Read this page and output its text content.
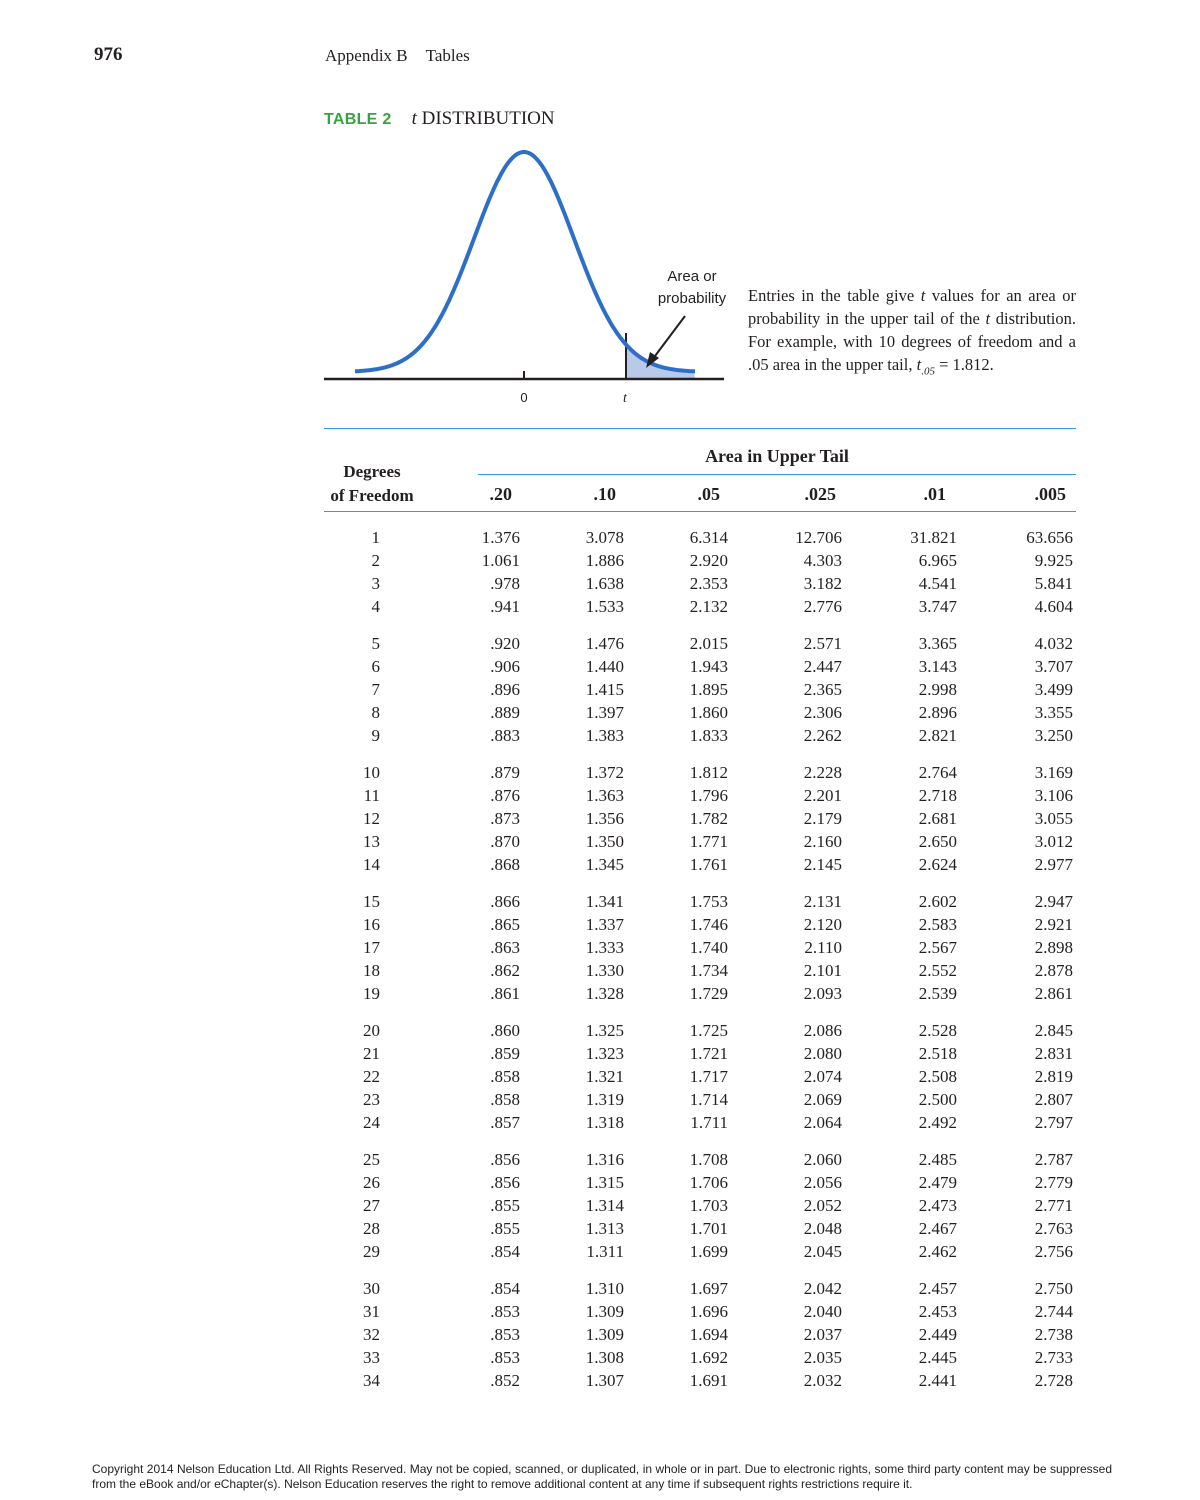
976	Appendix B Tables
TABLE 2 t DISTRIBUTION
0	t
Area or
probability Entries in the table give t values for an area or probability in the upper tail of the t distribution. For example, with 10 degrees of freedom and a .05 area in the upper tail, $t_{.05} = 1.812$.
Area in Upper Tail
Degrees
of Freedom	.20	.10	.05	.025	.01	.005
1	1.376	3.078	6.314	12.706	31.821	63.656
2	1.061	1.886	2.920	4.303	6.965	9.925
3	.978	1.638	2.353	3.182	4.541	5.841
4	.941	1.533	2.132	2.776	3.747	4.604
5	.920	1.476	2.015	2.571	3.365	4.032
6	.906	1.440	1.943	2.447	3.143	3.707
7	.896	1.415	1.895	2.365	2.998	3.499
8	.889	1.397	1.860	2.306	2.896	3.355
9	.883	1.383	1.833	2.262	2.821	3.250
10	.879	1.372	1.812	2.228	2.764	3.169
11	.876	1.363	1.796	2.201	2.718	3.106
12	.873	1.356	1.782	2.179	2.681	3.055
13	.870	1.350	1.771	2.160	2.650	3.012
14	.868	1.345	1.761	2.145	2.624	2.977
15	.866	1.341	1.753	2.131	2.602	2.947
16	.865	1.337	1.746	2.120	2.583	2.921
17	.863	1.333	1.740	2.110	2.567	2.898
18	.862	1.330	1.734	2.101	2.552	2.878
19	.861	1.328	1.729	2.093	2.539	2.861
20	.860	1.325	1.725	2.086	2.528	2.845
21	.859	1.323	1.721	2.080	2.518	2.831
22	.858	1.321	1.717	2.074	2.508	2.819
23	.858	1.319	1.714	2.069	2.500	2.807
24	.857	1.318	1.711	2.064	2.492	2.797
25	.856	1.316	1.708	2.060	2.485	2.787
26	.856	1.315	1.706	2.056	2.479	2.779
27	.855	1.314	1.703	2.052	2.473	2.771
28	.855	1.313	1.701	2.048	2.467	2.763
29	.854	1.311	1.699	2.045	2.462	2.756
30	.854	1.310	1.697	2.042	2.457	2.750
31	.853	1.309	1.696	2.040	2.453	2.744
32	.853	1.309	1.694	2.037	2.449	2.738
33	.853	1.308	1.692	2.035	2.445	2.733
34	.852	1.307	1.691	2.032	2.441	2.728
Copyright 2014 Nelson Education Ltd. All Rights Reserved. May not be copied, scanned, or duplicated, in whole or in part. Due to electronic rights, some third party content may be suppressed from the eBook and/or eChapter(s). Nelson Education reserves the right to remove additional content at any time if subsequent rights restrictions require it.
